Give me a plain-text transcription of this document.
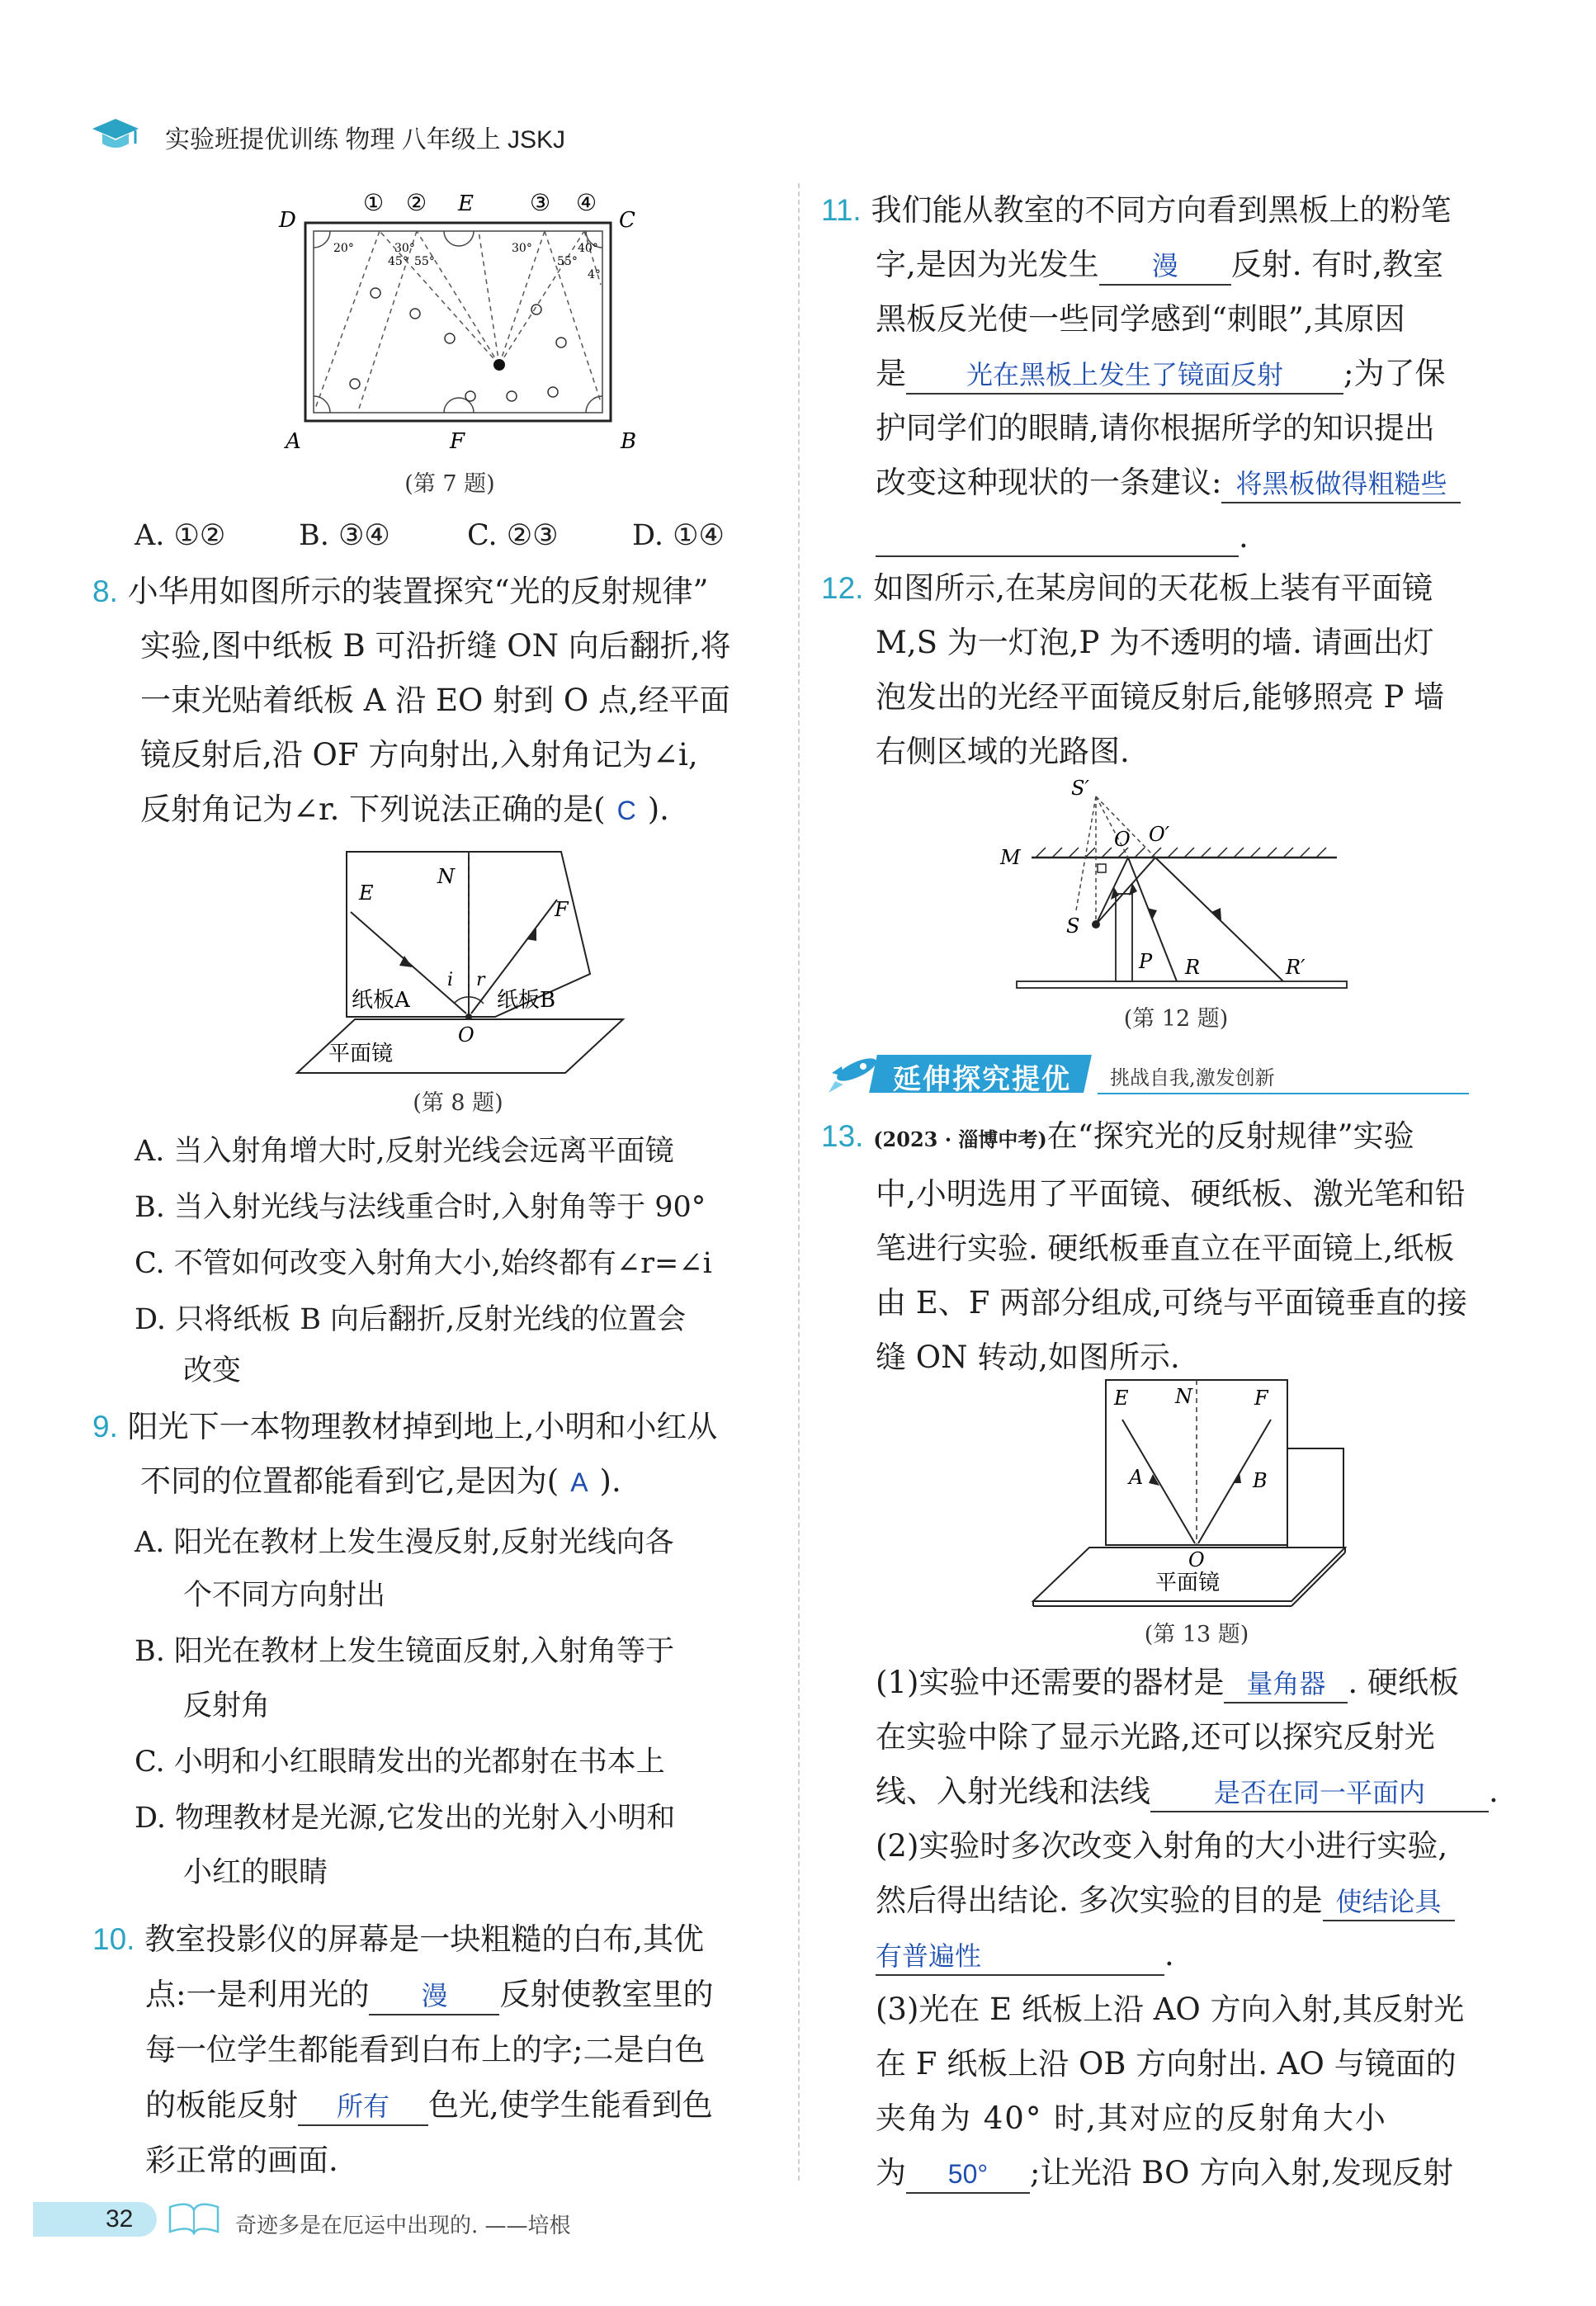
实验班提优训练 物理 八年级上 JSKJ
D	C
A	B
E
F
① ②	③ ④
20°	30°
45° 55°
30°
55°
40°
4°
(第 7 题)
A. ①②	B. ③④	C. ②③	D. ①④
8. 小华用如图所示的装置探究“光的反射规律”
实验,图中纸板 B 可沿折缝 ON 向后翻折,将
一束光贴着纸板 A 沿 EO 射到 O 点,经平面
镜反射后,沿 OF 方向射出,入射角记为∠i,
反射角记为∠r. 下列说法正确的是( C ).
E
N
F
i r
O
纸板A	纸板B
平面镜
(第 8 题)
A. 当入射角增大时,反射光线会远离平面镜
B. 当入射光线与法线重合时,入射角等于 90°
C. 不管如何改变入射角大小,始终都有∠r=∠i
D. 只将纸板 B 向后翻折,反射光线的位置会
改变
9. 阳光下一本物理教材掉到地上,小明和小红从
不同的位置都能看到它,是因为( A ).
A. 阳光在教材上发生漫反射,反射光线向各
个不同方向射出
B. 阳光在教材上发生镜面反射,入射角等于
反射角
C. 小明和小红眼睛发出的光都射在书本上
D. 物理教材是光源,它发出的光射入小明和
小红的眼睛
10. 教室投影仪的屏幕是一块粗糙的白布,其优
点:一是利用光的 漫 反射使教室里的
每一位学生都能看到白布上的字;二是白色
的板能反射 所有 色光,使学生能看到色
彩正常的画面.
11. 我们能从教室的不同方向看到黑板上的粉笔
字,是因为光发生 漫 反射. 有时,教室
黑板反光使一些同学感到“刺眼”,其原因
是 光在黑板上发生了镜面反射 ;为了保
护同学们的眼睛,请你根据所学的知识提出
改变这种现状的一条建议: 将黑板做得粗糙些
.
12. 如图所示,在某房间的天花板上装有平面镜
M,S 为一灯泡,P 为不透明的墙. 请画出灯
泡发出的光经平面镜反射后,能够照亮 P 墙
右侧区域的光路图.
S′
O O′
M
S
P R	R′
(第 12 题)
延伸探究提优 挑战自我,激发创新
13. (2023 · 淄博中考)在“探究光的反射规律”实验
中,小明选用了平面镜、硬纸板、激光笔和铅
笔进行实验. 硬纸板垂直立在平面镜上,纸板
由 E、F 两部分组成,可绕与平面镜垂直的接
缝 ON 转动,如图所示.
E N	F
A	B
O
平面镜
(第 13 题)
(1)实验中还需要的器材是 量角器 . 硬纸板
在实验中除了显示光路,还可以探究反射光
线、入射光线和法线 是否在同一平面内 .
(2)实验时多次改变入射角的大小进行实验,
然后得出结论. 多次实验的目的是 使结论具
有普遍性	.
(3)光在 E 纸板上沿 AO 方向入射,其反射光
在 F 纸板上沿 OB 方向射出. AO 与镜面的
夹角为 40° 时,其对应的反射角大小
为 50° ;让光沿 BO 方向入射,发现反射
32	奇迹多是在厄运中出现的. ——培根
